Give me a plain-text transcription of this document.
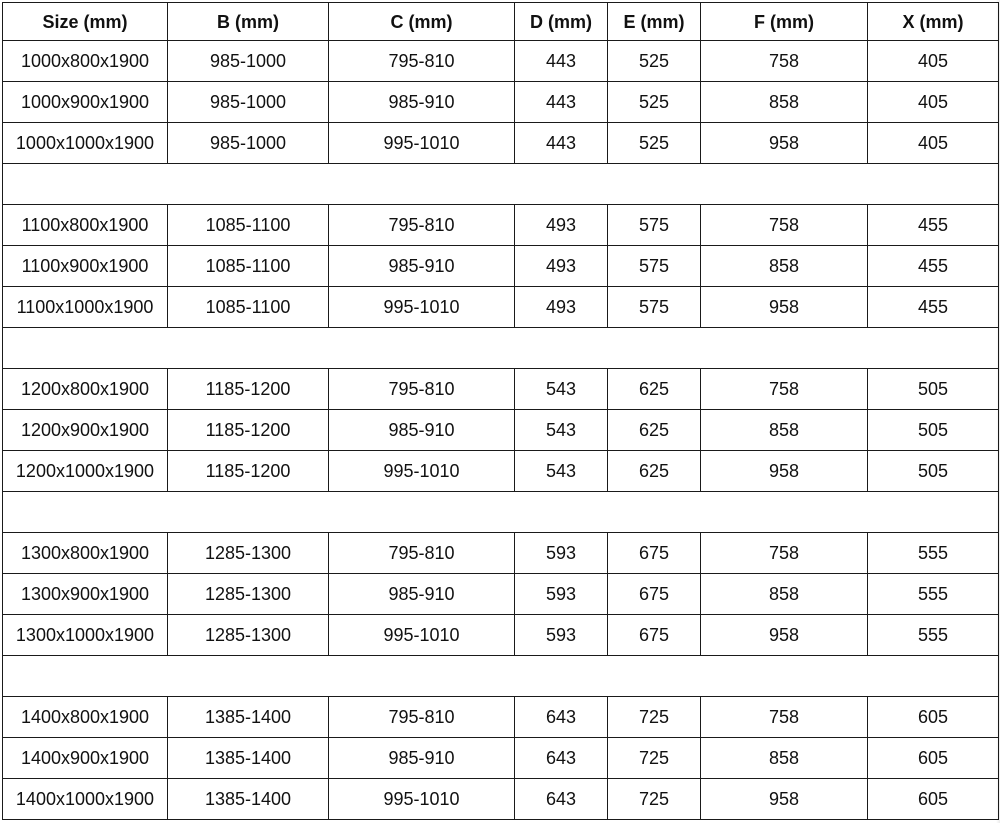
Size (mm)	B (mm)	C (mm)	D (mm)	E (mm)	F (mm)	X (mm)
1000x800x1900	985-1000	795-810	443	525	758	405
1000x900x1900	985-1000	985-910	443	525	858	405
1000x1000x1900	985-1000	995-1010	443	525	958	405

1100x800x1900	1085-1100	795-810	493	575	758	455
1100x900x1900	1085-1100	985-910	493	575	858	455
1100x1000x1900	1085-1100	995-1010	493	575	958	455

1200x800x1900	1185-1200	795-810	543	625	758	505
1200x900x1900	1185-1200	985-910	543	625	858	505
1200x1000x1900	1185-1200	995-1010	543	625	958	505

1300x800x1900	1285-1300	795-810	593	675	758	555
1300x900x1900	1285-1300	985-910	593	675	858	555
1300x1000x1900	1285-1300	995-1010	593	675	958	555

1400x800x1900	1385-1400	795-810	643	725	758	605
1400x900x1900	1385-1400	985-910	643	725	858	605
1400x1000x1900	1385-1400	995-1010	643	725	958	605
